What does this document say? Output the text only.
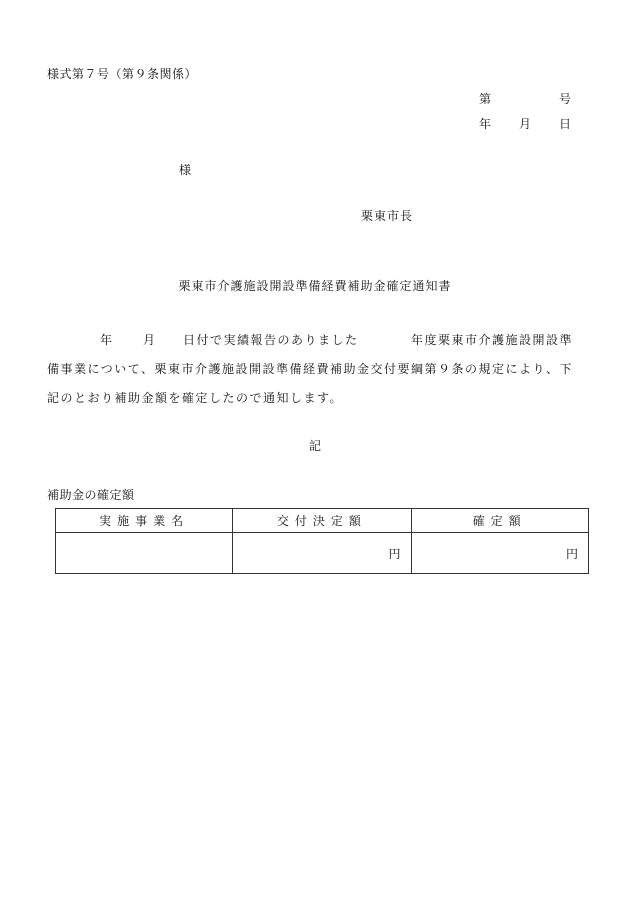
様式第７号（第９条関係）
第	号
年 月 日
様
栗東市長
栗東市介護施設開設準備経費補助金確定通知書
年 月 日付で実績報告のありました	年度栗東市介護施設開設準
備事業について、栗東市介護施設開設準備経費補助金交付要綱第９条の規定により、下
記のとおり補助金額を確定したので通知します。
記
補助金の確定額
実施事業名	交付決定額	確定額
	円	円
